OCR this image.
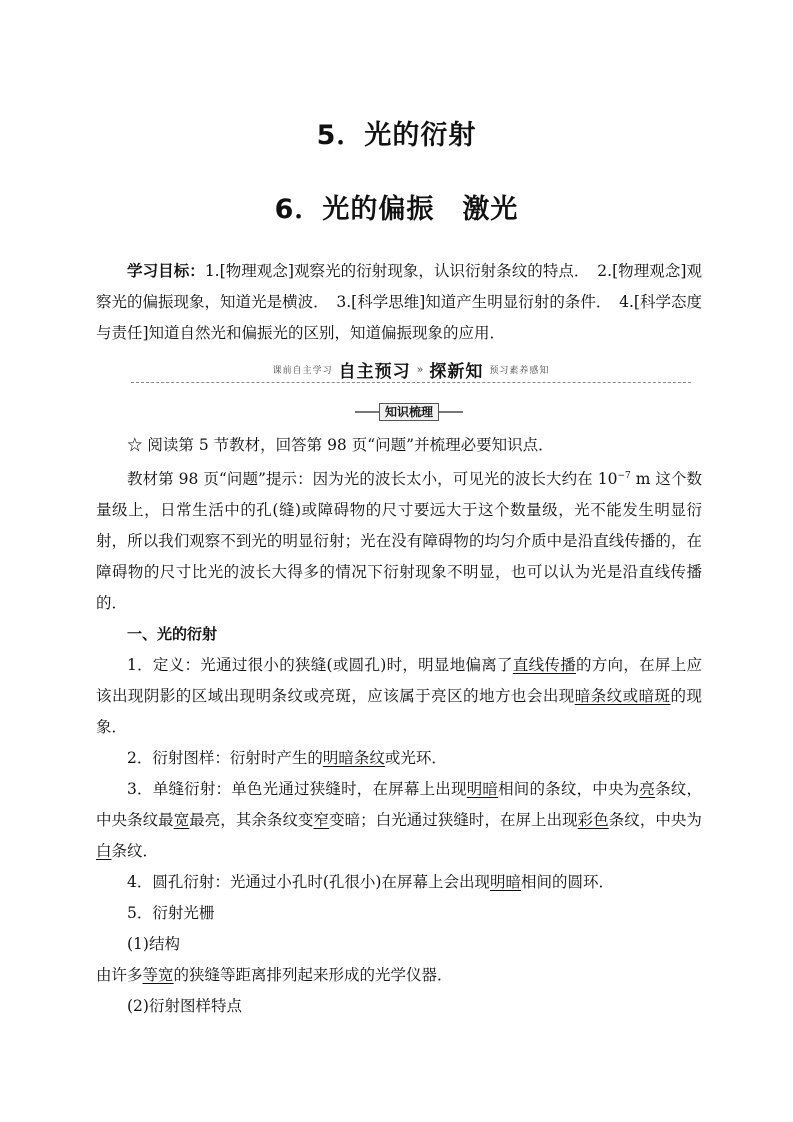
5．光的衍射
6．光的偏振　激光
学习目标：1.[物理观念]观察光的衍射现象，认识衍射条纹的特点．　2.[物理观念]观察光的偏振现象，知道光是横波．　3.[科学思维]知道产生明显衍射的条件．　4.[科学态度与责任]知道自然光和偏振光的区别，知道偏振现象的应用．
课前自主学习 自主预习 » 探新知 预习素养感知
知识梳理

☆ 阅读第 5 节教材，回答第 98 页“问题”并梳理必要知识点．

教材第 98 页“问题”提示：因为光的波长太小，可见光的波长大约在 $10^{-7}$ m 这个数量级上，日常生活中的孔(缝)或障碍物的尺寸要远大于这个数量级，光不能发生明显衍射，所以我们观察不到光的明显衍射；光在没有障碍物的均匀介质中是沿直线传播的，在障碍物的尺寸比光的波长大得多的情况下衍射现象不明显，也可以认为光是沿直线传播的．

一、光的衍射

1．定义：光通过很小的狭缝(或圆孔)时，明显地偏离了直线传播的方向，在屏上应该出现阴影的区域出现明条纹或亮斑，应该属于亮区的地方也会出现暗条纹或暗斑的现象．

2．衍射图样：衍射时产生的明暗条纹或光环．

3．单缝衍射：单色光通过狭缝时，在屏幕上出现明暗相间的条纹，中央为亮条纹，中央条纹最宽最亮，其余条纹变窄变暗；白光通过狭缝时，在屏上出现彩色条纹，中央为白条纹．

4．圆孔衍射：光通过小孔时(孔很小)在屏幕上会出现明暗相间的圆环．

5．衍射光栅

(1)结构

由许多等宽的狭缝等距离排列起来形成的光学仪器．

(2)衍射图样特点
